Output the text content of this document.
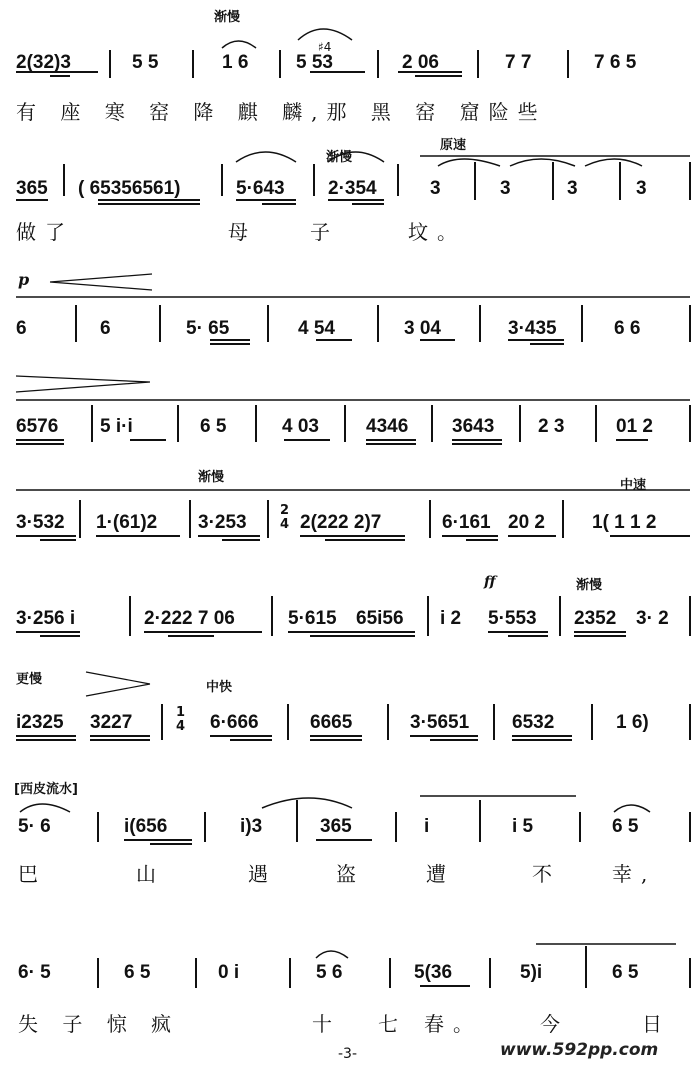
渐慢
♯4
2(32)3	5 5	1 6	5 53	2 06	7 7	7 6 5
有 座 寒 窑 降 麒 麟,那 黑 窑 窟险些
渐慢
原速
365 ( 65356561)	5·643 2·354	3	3	3	3
做了	母	子	坟。
p
6	6	5· 65	4 54	3 04	3·435	6 6
6576 5 i·i	6 5	4 03 4346 3643 2 3	01 2
渐慢
中速
2
4
3·532 1·(61)2 3·253	2(222 2)7	6·161 20 2 1( 1 1 2
ff	渐慢
3·256 i	2·222 7 06	5·615 65i56 i 2 5·553 2352 3· 2
更慢
中快
1
4
i2325 3227	6·666	6665	3·5651 6532	1 6)
[西皮流水]
5· 6	i(656	i)3	365	i	i 5	6 5
巴	山	遇	盗	遭	不	幸,
6· 5	6 5	0 i	5 6	5(36	5)i	6 5
失 子 惊 疯	十 七 春。	今	日
-3-	www.592pp.com
